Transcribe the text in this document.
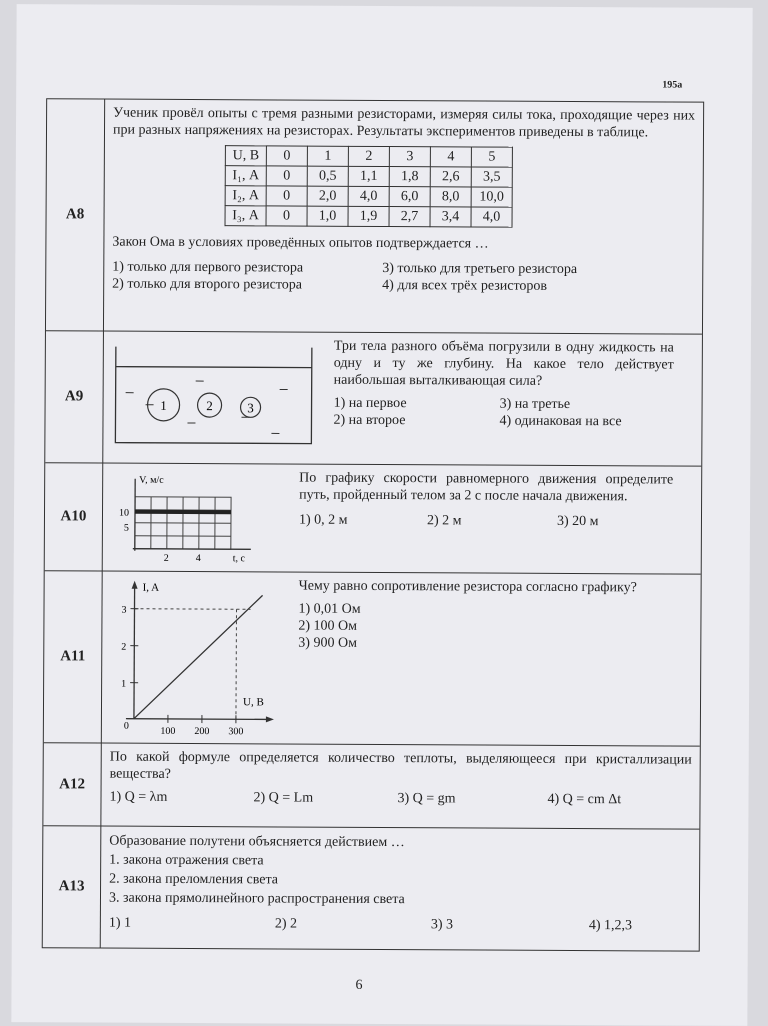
195а
А8
Ученик провёл опыты с тремя разными резисторами, измеряя силы тока, проходящие через них при разных напряжениях на резисторах. Результаты экспериментов приведены в таблице.
U, В	0	1	2	3	4	5
I₁, А	0	0,5	1,1	1,8	2,6	3,5
I₂, А	0	2,0	4,0	6,0	8,0	10,0
I₃, А	0	1,0	1,9	2,7	3,4	4,0
Закон Ома в условиях проведённых опытов подтверждается …
1) только для первого резистора	3) только для третьего резистора
2) только для второго резистора	4) для всех трёх резисторов
А9
1	2	3
Три тела разного объёма погрузили в одну жидкость на одну и ту же глубину. На какое тело действует наибольшая выталкивающая сила?
1) на первое	3) на третье
2) на второе	4) одинаковая на все
А10
V, м/с
t, c
10
5
2	4
По графику скорости равномерного движения определите путь, пройденный телом за 2 с после начала движения.
1) 0, 2 м	2) 2 м	3) 20 м
А11
I, A
U, В
0
3
2
1
100 200 300
Чему равно сопротивление резистора согласно графику?
1) 0,01 Ом
2) 100 Ом
3) 900 Ом
А12
По какой формуле определяется количество теплоты, выделяющееся при кристаллизации вещества?
1) Q = λm	2) Q = Lm	3) Q = gm	4) Q = cm Δt
А13
Образование полутени объясняется действием …
1. закона отражения света
2. закона преломления света
3. закона прямолинейного распространения света
1) 1	2) 2	3) 3	4) 1,2,3
6
